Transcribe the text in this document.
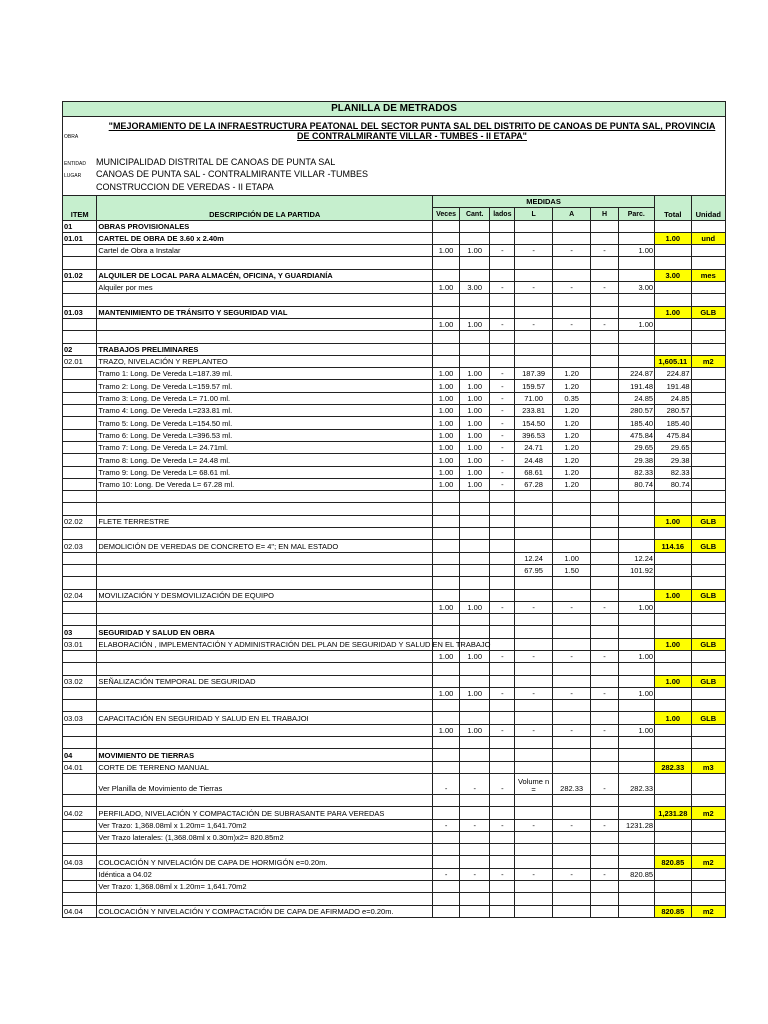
PLANILLA DE METRADOS
OBRA
"MEJORAMIENTO DE LA INFRAESTRUCTURA PEATONAL DEL SECTOR PUNTA SAL DEL DISTRITO DE CANOAS DE PUNTA SAL, PROVINCIA DE CONTRALMIRANTE VILLAR - TUMBES - II ETAPA"
ENTIDAD MUNICIPALIDAD DISTRITAL DE CANOAS DE PUNTA SAL
LUGAR CANOAS DE PUNTA SAL - CONTRALMIRANTE VILLAR -TUMBES
CONSTRUCCION DE VEREDAS - II ETAPA
ITEM	DESCRIPCIÓN DE LA PARTIDA	MEDIDAS							Total	Unidad
		Veces	Cant.	lados	L	A	H	Parc.		
01	OBRAS PROVISIONALES									
01.01	CARTEL DE OBRA DE 3.60 x 2.40m								1.00	und
	Cartel de Obra a Instalar	1.00	1.00	-	-	-	-	1.00		

01.02	ALQUILER DE LOCAL PARA ALMACÉN, OFICINA, Y GUARDIANÍA								3.00	mes
	Alquiler por mes	1.00	3.00	-	-	-	-	3.00		

01.03	MANTENIMIENTO DE TRÁNSITO Y SEGURIDAD VIAL								1.00	GLB
		1.00	1.00	-	-	-	-	1.00		

02	TRABAJOS PRELIMINARES									
02.01	TRAZO, NIVELACIÓN Y REPLANTEO								1,605.11	m2
	Tramo 1: Long. De Vereda L=187.39 ml.	1.00	1.00	-	187.39	1.20		224.87	224.87	
	Tramo 2: Long. De Vereda L=159.57 ml.	1.00	1.00	-	159.57	1.20		191.48	191.48	
	Tramo 3: Long. De Vereda L= 71.00 ml.	1.00	1.00	-	71.00	0.35		24.85	24.85	
	Tramo 4: Long. De Vereda L=233.81 ml.	1.00	1.00	-	233.81	1.20		280.57	280.57	
	Tramo 5: Long. De Vereda L=154.50 ml.	1.00	1.00	-	154.50	1.20		185.40	185.40	
	Tramo 6: Long. De Vereda L=396.53 ml.	1.00	1.00	-	396.53	1.20		475.84	475.84	
	Tramo 7: Long. De Vereda L= 24.71ml.	1.00	1.00	-	24.71	1.20		29.65	29.65	
	Tramo 8: Long. De Vereda L= 24.48 ml.	1.00	1.00	-	24.48	1.20		29.38	29.38	
	Tramo 9: Long. De Vereda L= 68.61 ml.	1.00	1.00	-	68.61	1.20		82.33	82.33	
	Tramo 10: Long. De Vereda L= 67.28 ml.	1.00	1.00	-	67.28	1.20		80.74	80.74	

02.02	FLETE TERRESTRE								1.00	GLB

02.03	DEMOLICIÓN DE VEREDAS DE CONCRETO E= 4"; EN MAL ESTADO								114.16	GLB
					12.24	1.00		12.24		
					67.95	1.50		101.92		

02.04	MOVILIZACIÓN Y DESMOVILIZACIÓN DE EQUIPO								1.00	GLB
		1.00	1.00	-	-	-	-	1.00		

03	SEGURIDAD Y SALUD EN OBRA									
03.01	ELABORACIÓN , IMPLEMENTACIÓN Y ADMINISTRACIÓN DEL PLAN DE SEGURIDAD Y SALUD EN EL TRABAJO								1.00	GLB
		1.00	1.00	-	-	-	-	1.00		

03.02	SEÑALIZACIÓN TEMPORAL DE SEGURIDAD								1.00	GLB
		1.00	1.00	-	-	-	-	1.00		

03.03	CAPACITACIÓN EN SEGURIDAD Y SALUD EN EL TRABAJOI								1.00	GLB
		1.00	1.00	-	-	-	-	1.00		

04	MOVIMIENTO DE TIERRAS									
04.01	CORTE DE TERRENO MANUAL								282.33	m3
	Ver Planilla de Movimiento de Tierras	-	-	-	Volume n =	282.33	-	282.33		

04.02	PERFILADO, NIVELACIÓN Y COMPACTACIÓN DE SUBRASANTE PARA VEREDAS								1,231.28	m2
	Ver Trazo: 1,368.08ml x 1.20m= 1,641.70m2	-	-	-	-	-	-	1231.28		
	Ver Trazo laterales: (1,368.08ml x 0.30m)x2= 820.85m2									

04.03	COLOCACIÓN Y NIVELACIÓN DE CAPA DE HORMIGÓN e=0.20m.								820.85	m2
	Idéntica a 04.02	-	-	-	-	-	-	820.85		
	Ver Trazo: 1,368.08ml x 1.20m= 1,641.70m2									

04.04	COLOCACIÓN Y NIVELACIÓN Y COMPACTACIÓN DE CAPA DE AFIRMADO e=0.20m.								820.85	m2
